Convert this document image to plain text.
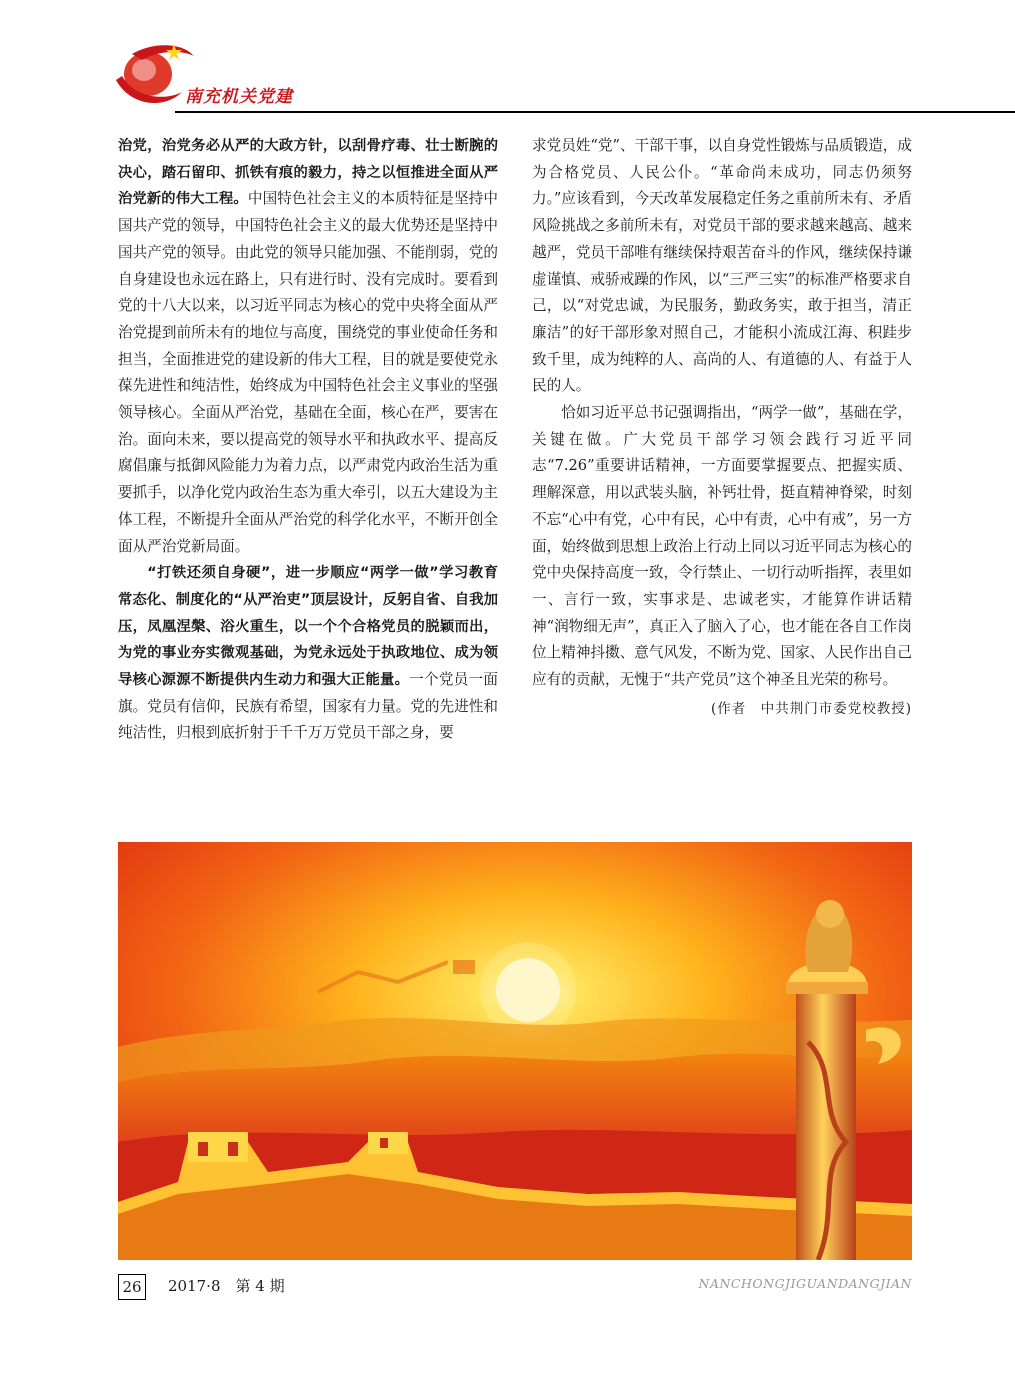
南充机关党建

治党，治党务必从严的大政方针，以刮骨疗毒、壮士断腕的决心，踏石留印、抓铁有痕的毅力，持之以恒推进全面从严治党新的伟大工程。中国特色社会主义的本质特征是坚持中国共产党的领导，中国特色社会主义的最大优势还是坚持中国共产党的领导。由此党的领导只能加强、不能削弱，党的自身建设也永远在路上，只有进行时、没有完成时。要看到党的十八大以来，以习近平同志为核心的党中央将全面从严治党提到前所未有的地位与高度，围绕党的事业使命任务和担当，全面推进党的建设新的伟大工程，目的就是要使党永葆先进性和纯洁性，始终成为中国特色社会主义事业的坚强领导核心。全面从严治党，基础在全面，核心在严，要害在治。面向未来，要以提高党的领导水平和执政水平、提高反腐倡廉与抵御风险能力为着力点，以严肃党内政治生活为重要抓手，以净化党内政治生态为重大牵引，以五大建设为主体工程，不断提升全面从严治党的科学化水平，不断开创全面从严治党新局面。

“打铁还须自身硬”，进一步顺应“两学一做”学习教育常态化、制度化的“从严治吏”顶层设计，反躬自省、自我加压，凤凰涅槃、浴火重生，以一个个合格党员的脱颖而出，为党的事业夯实微观基础，为党永远处于执政地位、成为领导核心源源不断提供内生动力和强大正能量。一个党员一面旗。党员有信仰，民族有希望，国家有力量。党的先进性和纯洁性，归根到底折射于千千万万党员干部之身，要

求党员姓“党”、干部干事，以自身党性锻炼与品质锻造，成为合格党员、人民公仆。“革命尚未成功，同志仍须努力。”应该看到，今天改革发展稳定任务之重前所未有、矛盾风险挑战之多前所未有，对党员干部的要求越来越高、越来越严，党员干部唯有继续保持艰苦奋斗的作风，继续保持谦虚谨慎、戒骄戒躁的作风，以“三严三实”的标准严格要求自己，以“对党忠诚，为民服务，勤政务实，敢于担当，清正廉洁”的好干部形象对照自己，才能积小流成江海、积跬步致千里，成为纯粹的人、高尚的人、有道德的人、有益于人民的人。

恰如习近平总书记强调指出，“两学一做”，基础在学，关键在做。广大党员干部学习领会践行习近平同志“7.26”重要讲话精神，一方面要掌握要点、把握实质、理解深意，用以武装头脑，补钙壮骨，挺直精神脊梁，时刻不忘“心中有党，心中有民，心中有责，心中有戒”，另一方面，始终做到思想上政治上行动上同以习近平同志为核心的党中央保持高度一致，令行禁止、一切行动听指挥，表里如一、言行一致，实事求是、忠诚老实，才能算作讲话精神“润物细无声”，真正入了脑入了心，也才能在各自工作岗位上精神抖擞、意气风发，不断为党、国家、人民作出自己应有的贡献，无愧于“共产党员”这个神圣且光荣的称号。

(作者　中共荆门市委党校教授)

26 2017·8　第 4 期	NANCHONGJIGUANDANGJIAN
